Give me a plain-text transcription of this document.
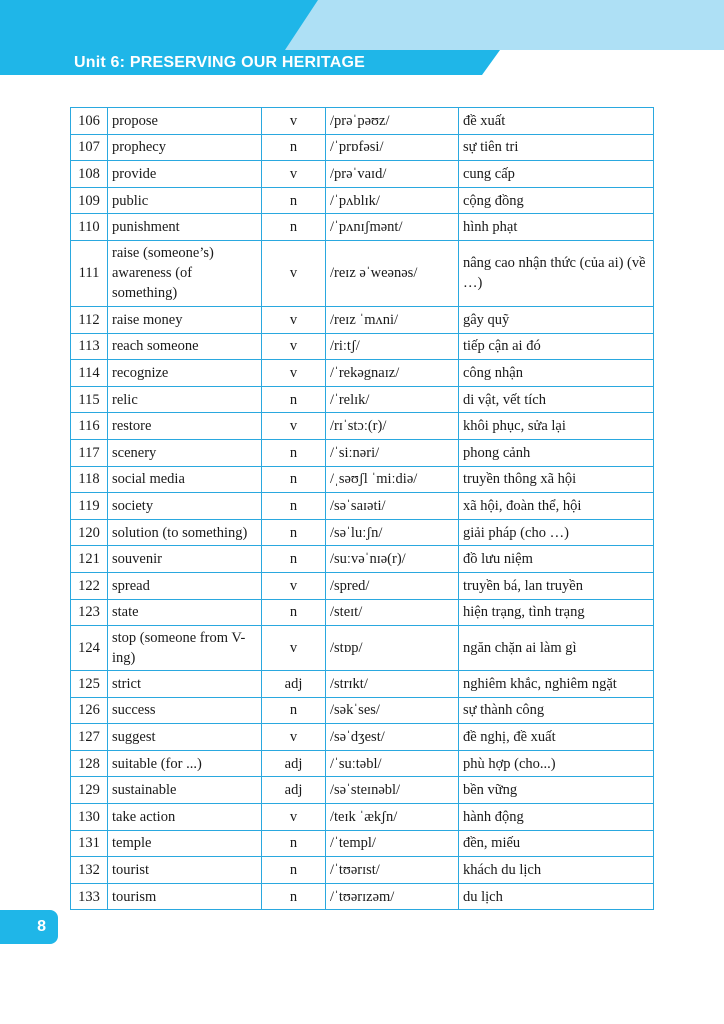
Unit 6: PRESERVING OUR HERITAGE
106	propose	v	/prəˈpəʊz/	đề xuất
107	prophecy	n	/ˈprɒfəsi/	sự tiên tri
108	provide	v	/prəˈvaɪd/	cung cấp
109	public	n	/ˈpʌblɪk/	cộng đồng
110	punishment	n	/ˈpʌnɪʃmənt/	hình phạt
111	raise (someone’s) awareness (of something)	v	/reɪz əˈweənəs/	nâng cao nhận thức (của ai) (về …)
112	raise money	v	/reɪz ˈmʌni/	gây quỹ
113	reach someone	v	/riːtʃ/	tiếp cận ai đó
114	recognize	v	/ˈrekəgnaɪz/	công nhận
115	relic	n	/ˈrelɪk/	di vật, vết tích
116	restore	v	/rɪˈstɔː(r)/	khôi phục, sửa lại
117	scenery	n	/ˈsiːnəri/	phong cảnh
118	social media	n	/ˌsəʊʃl ˈmiːdiə/	truyền thông xã hội
119	society	n	/səˈsaɪəti/	xã hội, đoàn thể, hội
120	solution (to something)	n	/səˈluːʃn/	giải pháp (cho …)
121	souvenir	n	/suːvəˈnɪə(r)/	đồ lưu niệm
122	spread	v	/spred/	truyền bá, lan truyền
123	state	n	/steɪt/	hiện trạng, tình trạng
124	stop (someone from V-ing)	v	/stɒp/	ngăn chặn ai làm gì
125	strict	adj	/strɪkt/	nghiêm khắc, nghiêm ngặt
126	success	n	/səkˈses/	sự thành công
127	suggest	v	/səˈdʒest/	đề nghị, đề xuất
128	suitable (for ...)	adj	/ˈsuːtəbl/	phù hợp (cho...)
129	sustainable	adj	/səˈsteɪnəbl/	bền vững
130	take action	v	/teɪk ˈækʃn/	hành động
131	temple	n	/ˈtempl/	đền, miếu
132	tourist	n	/ˈtʊərɪst/	khách du lịch
133	tourism	n	/ˈtʊərɪzəm/	du lịch
8
